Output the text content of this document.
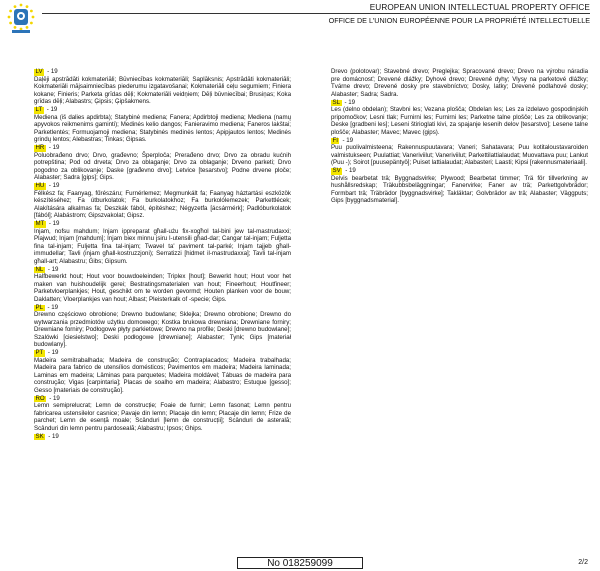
EUROPEAN UNION INTELLECTUAL PROPERTY OFFICE
OFFICE DE L'UNION EUROPÉENNE POUR LA PROPRIÉTÉ INTELLECTUELLE
LV - 19
Daļēji apstrādāti kokmateriāli; Būvniecības kokmateriāli; Saplāksnis; Apstrādāti kokmateriāli; Kokmateriāli mājsaimniecības piederumu izgatavošanai; Kokmateriāli ceļu segumiem; Finiera kokane; Finieris; Parketa grīdas dēļi; Kokmateriāli veidņiem; Dēļi būvniecībai; Brusiņas; Koka grīdas dēļi; Alabastrs; Ģipsis; Ģipšakmens.
LT - 19
Mediena (iš dalies apdirbta); Statybinė mediena; Fanera; Apdirbtoji mediena; Mediena (namų apyvokos reikmenims gaminti); Medinės kelio dangos; Fanieravimo mediena; Faneros lakštai; Parketlentės; Formuojamoji mediena; Statybinės medinės lentos; Apipjautos lentos; Medinės grindų lentos; Alebastras; Tinkas; Gipsas.
HR - 19
Poluobrađeno drvo; Drvo, građevno; Šperploča; Prerađeno drvo; Drvo za obradu kućnih potrepština; Pod od drveta; Drvo za oblaganje; Drvo za oblaganje; Drveno parketi; Drvo pogodno za oblikovanje; Daske [građevno drvo]; Letvice [tesarstvo]; Podne drvene ploče; Alabaster; Sadra [gips]; Gips.
HU - 19
Félkész fa; Faanyag, fűrészáru; Furnérlemez; Megmunkált fa; Faanyag háztartási eszközök készítéséhez; Fa útburkolatok; Fa burkolatokhoz; Fa burkolólemezek; Parkettlécek; Alakítására alkalmas fa; Deszkák fából, építéshez; Négyzetfa [ácsármérk]; Padlóburkolatok [fából]; Alabástrom; Gipszvakolat; Gipsz.
MT - 19
Injam, nofsu mahdum; Injam ippreparat għall-użu fix-xogħol tal-bini jew tal-mastrudaxxi; Plajwud; Injam [mahdum]; Injam biex minnu jsiru l-utensili għad-dar; Cangar tal-injam; Fuljetta fina tal-injam; Fuljetta fina tal-injam; Twavel ta' paviment tal-parké; Injam tajjeb għall-immudellar; Tavli (injam għall-kostruzzjoni); Serratizzi [hidmet il-mastrudaxxa]; Tavli tal-injam għall-art; Alabastru; Ġibs; Gipsum.
NL - 19
Halfbewerkt hout; Hout voor bouwdoeleinden; Triplex [hout]; Bewerkt hout; Hout voor het maken van huishoudelijk gerei; Bestratingsmaterialen van hout; Fineerhout; Houtfineer; Parketvloerplankjes; Hout, geschikt om te worden gevormd; Houten planken voor de bouw; Daklatten; Vloerplankjes van hout; Albast; Pleisterkalk of -specie; Gips.
PL - 19
Drewno częściowo obrobione; Drewno budowlane; Sklejka; Drewno obrobione; Drewno do wytwarzania przedmiotów użytku domowego; Kostka brukowa drewniana; Drewniane forniry; Drewniane forniry; Podłogowe płyty parkietowe; Drewno na profile; Deski [drewno budowlane]; Szalówki [ciesielstwo]; Deski podłogowe [drewniane]; Alabaster; Tynk; Gips [materiał budowlany].
PT - 19
Madeira semitrabalhada; Madeira de construção; Contraplacados; Madeira trabalhada; Madeira para fabrico de utensílios domésticos; Pavimentos em madeira; Madeira laminada; Laminas em madeira; Lâminas para parquetes; Madeira moldável; Tábuas de madeira para construção; Vigas [carpintaria]; Placas de soalho em madeira; Alabastro; Estuque [gesso]; Gesso [materiais de construção].
RO - 19
Lemn semiprelucrat; Lemn de construcție; Foaie de furnir; Lemn fasonat; Lemn pentru fabricarea ustensilelor casnice; Pavaje din lemn; Placaje din lemn; Placaje din lemn; Frize de parchet; Lemn de esență moale; Scânduri [lemn de construcții]; Scânduri de asterală; Scânduri din lemn pentru pardoseală; Alabastru; Ipsos; Ghips.
SK - 19
Drevo (polotovar); Stavebné drevo; Preglejka; Spracované drevo; Drevo na výrobu náradia pre domácnosť; Drevené dlážky; Dyhové drevo; Drevené dyhy; Vlysy na parketové dlážky; Tvárne drevo; Drevené dosky pre stavebníctvo; Dosky, latky; Drevené podlahové dosky; Alabaster; Sadra; Sadra.
SL - 19
Les (delno obdelan); Stavbni les; Vezana plošča; Obdelan les; Les za izdelavo gospodinjskih pripomočkov; Lesni tlak; Furnirni les; Furnirni les; Parketne talne plošče; Les za oblikovanje; Deske [gradbeni les]; Leseni štirioglati kivi, za spajanje lesenih delov [tesarstvo]; Lesene talne plošče; Alabaster; Mavec; Mavec (gips).
FI - 19
Puu puolivalmisteena; Rakennuspuutavara; Vaneri; Sahatavara; Puu kotitaloustavaroiden valmistukseen; Puulattiat; Vaneriviilut; Vaneriviilut; Parkettilattialaudat; Muovattava puu; Lankut (Puu -); Soirot [puusepäntyö]; Puiset lattialaudat; Alabasteri; Laasti; Kipsi [rakennusmateriaali].
SV - 19
Delvis bearbetat trä; Byggnadsvirke; Plywood; Bearbetat timmer; Trä för tillverkning av hushållsredskap; Träkubbsbeläggningar; Fanervirke; Faner av trä; Parkettgolvbrädor; Formbart trä; Träbrädor [byggnadsvirke]; Takläktar; Golvbrädor av trä; Alabaster; Väggputs; Gips [byggnadsmaterial].
No 018259099	2/2
